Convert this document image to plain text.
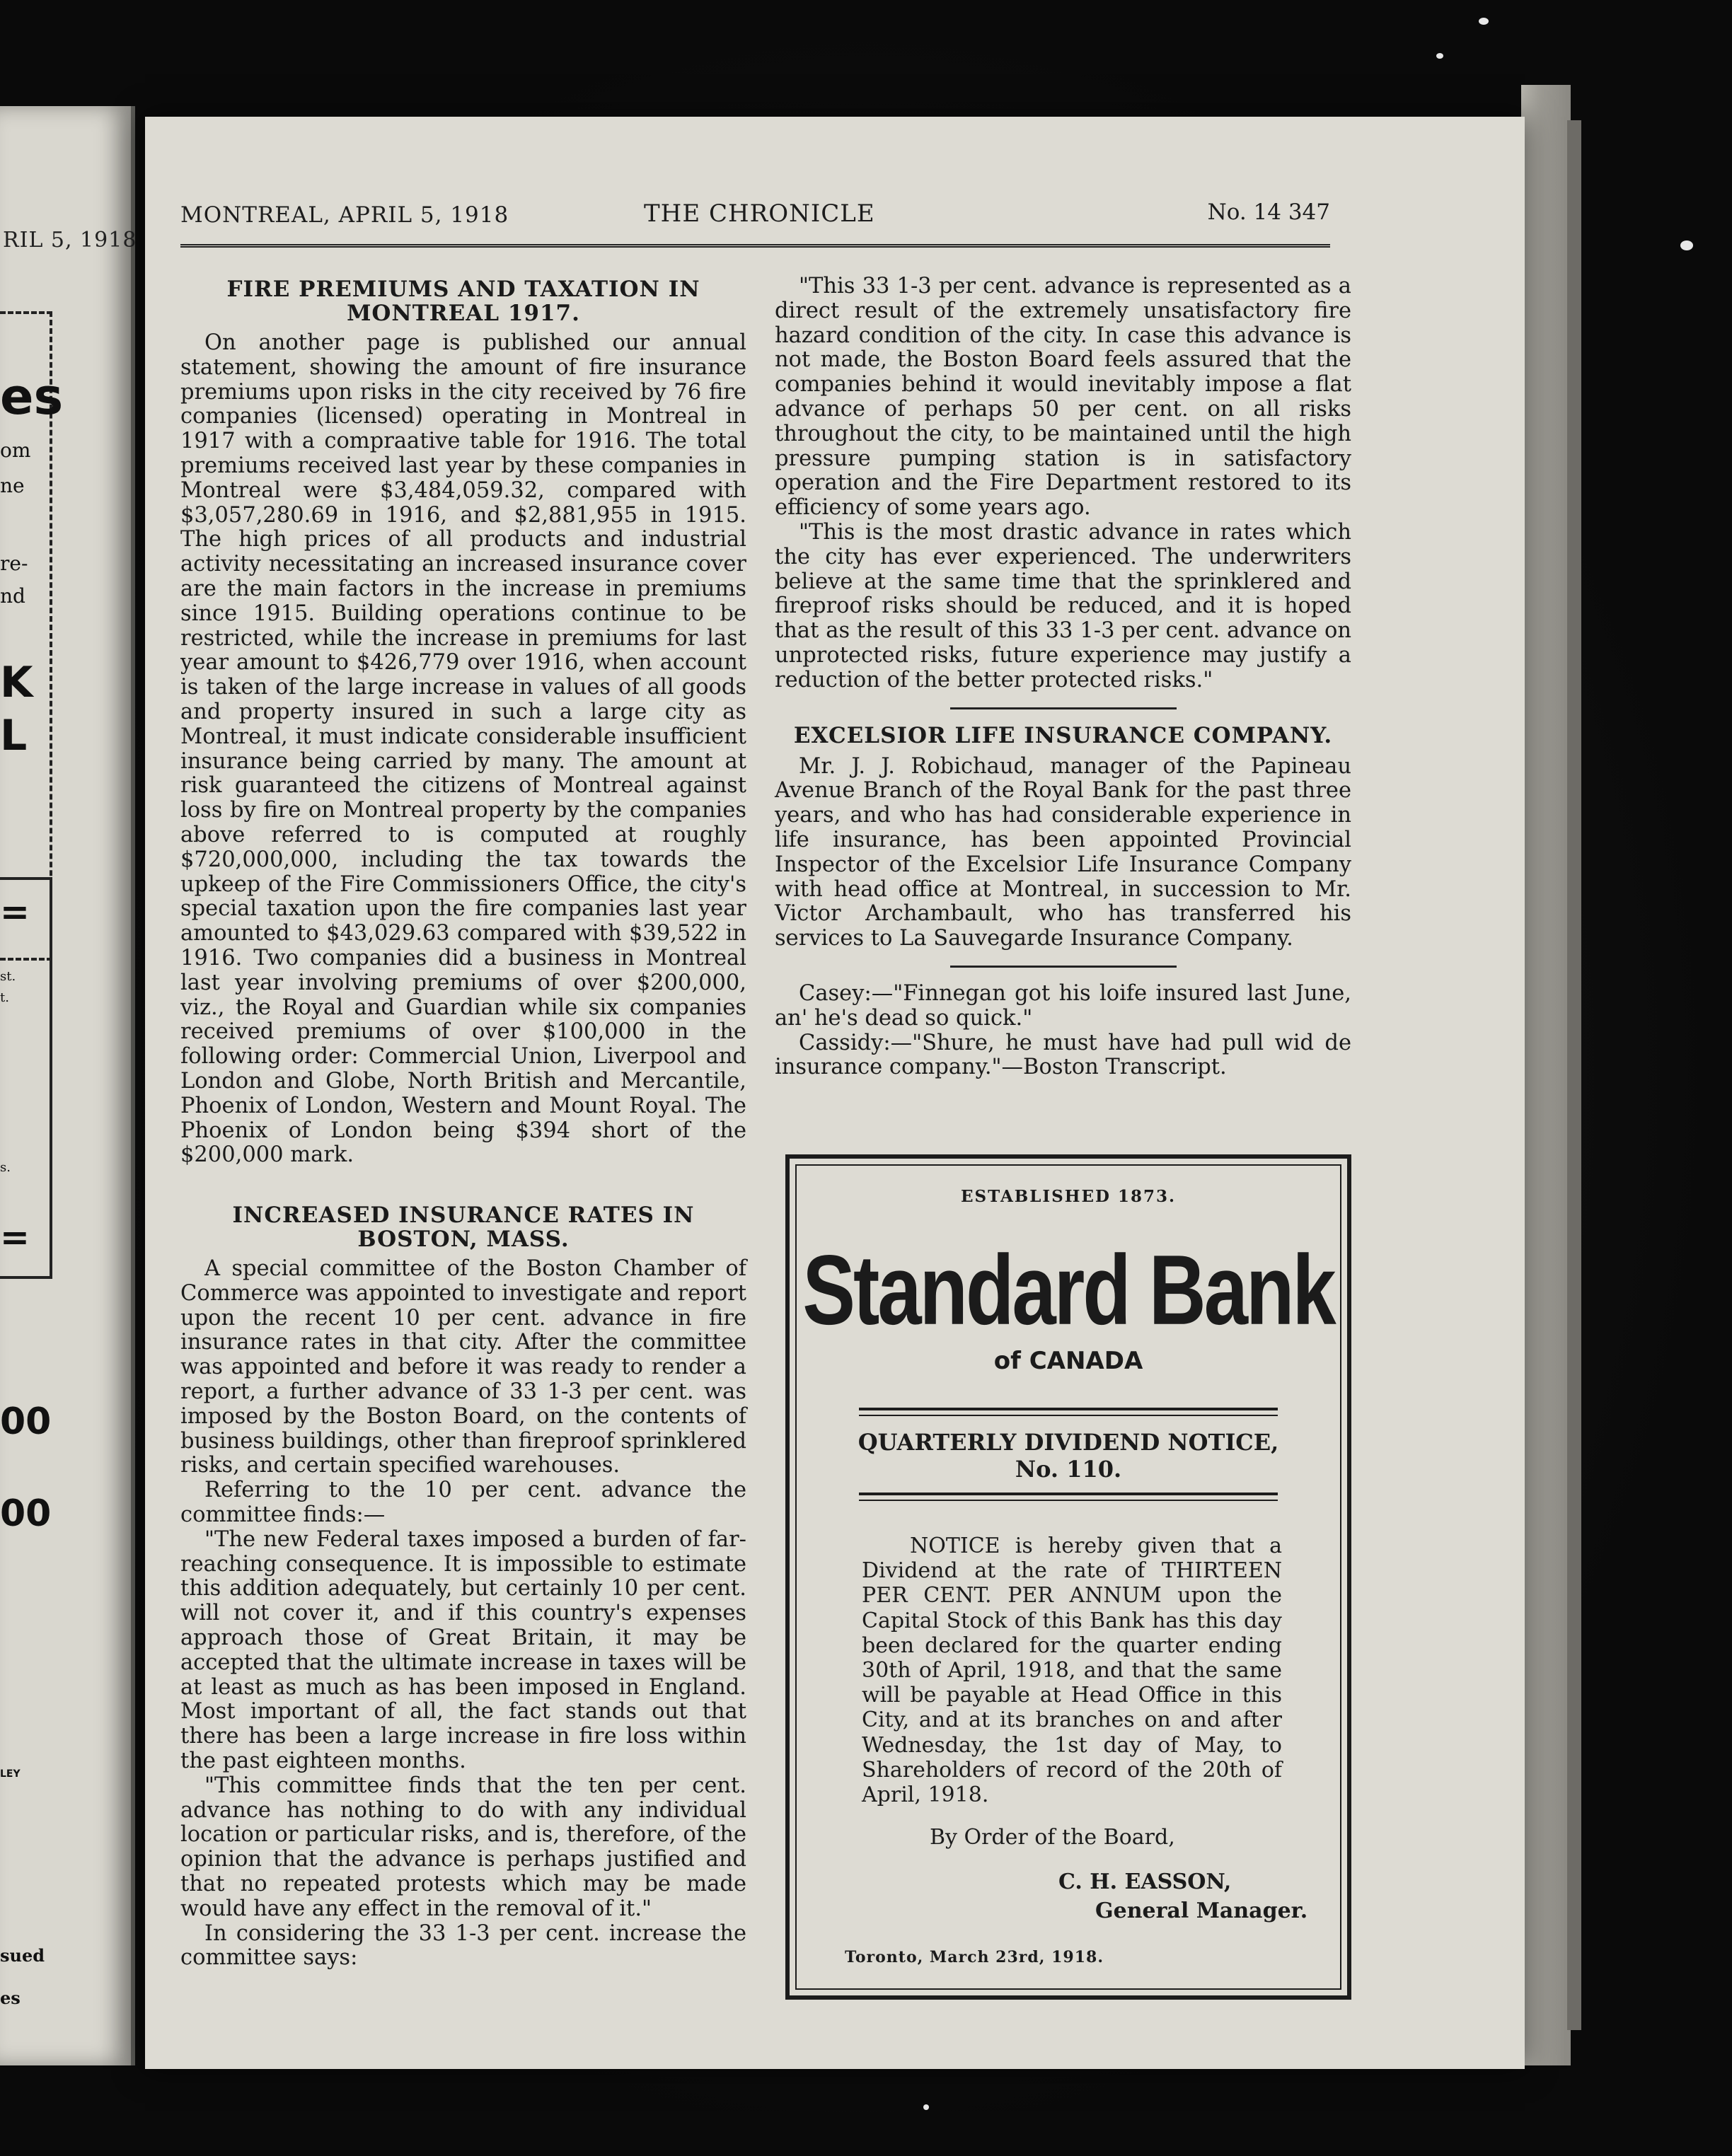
RIL 5, 1918
es
om
ne
re-
nd
K
L
=
st.
t.
s.
=
00
00
LEY
sued
es
MONTREAL, APRIL 5, 1918	THE CHRONICLE	No. 14 347
FIRE PREMIUMS AND TAXATION IN
MONTREAL 1917.

On another page is published our annual statement, showing the amount of fire insurance premiums upon risks in the city received by 76 fire companies (licensed) operating in Montreal in 1917 with a compraative table for 1916. The total premiums received last year by these companies in Montreal were $3,484,059.32, compared with $3,057,280.69 in 1916, and $2,881,955 in 1915. The high prices of all products and industrial activity necessitating an increased insurance cover are the main factors in the increase in premiums since 1915. Building operations continue to be restricted, while the increase in premiums for last year amount to $426,779 over 1916, when account is taken of the large increase in values of all goods and property insured in such a large city as Montreal, it must indicate considerable insufficient insurance being carried by many. The amount at risk guaranteed the citizens of Montreal against loss by fire on Montreal property by the companies above referred to is computed at roughly $720,000,000, including the tax towards the upkeep of the Fire Commissioners Office, the city's special taxation upon the fire companies last year amounted to $43,029.63 compared with $39,522 in 1916. Two companies did a business in Montreal last year involving premiums of over $200,000, viz., the Royal and Guardian while six companies received premiums of over $100,000 in the following order: Commercial Union, Liverpool and London and Globe, North British and Mercantile, Phoenix of London, Western and Mount Royal. The Phoenix of London being $394 short of the $200,000 mark.

INCREASED INSURANCE RATES IN
BOSTON, MASS.

A special committee of the Boston Chamber of Commerce was appointed to investigate and report upon the recent 10 per cent. advance in fire insurance rates in that city. After the committee was appointed and before it was ready to render a report, a further advance of 33 1-3 per cent. was imposed by the Boston Board, on the contents of business buildings, other than fireproof sprinklered risks, and certain specified warehouses.

Referring to the 10 per cent. advance the committee finds:—

"The new Federal taxes imposed a burden of far-reaching consequence. It is impossible to estimate this addition adequately, but certainly 10 per cent. will not cover it, and if this country's expenses approach those of Great Britain, it may be accepted that the ultimate increase in taxes will be at least as much as has been imposed in England. Most important of all, the fact stands out that there has been a large increase in fire loss within the past eighteen months.

"This committee finds that the ten per cent. advance has nothing to do with any individual location or particular risks, and is, therefore, of the opinion that the advance is perhaps justified and that no repeated protests which may be made would have any effect in the removal of it."

In considering the 33 1-3 per cent. increase the committee says:

"This 33 1-3 per cent. advance is represented as a direct result of the extremely unsatisfactory fire hazard condition of the city. In case this advance is not made, the Boston Board feels assured that the companies behind it would inevitably impose a flat advance of perhaps 50 per cent. on all risks throughout the city, to be maintained until the high pressure pumping station is in satisfactory operation and the Fire Department restored to its efficiency of some years ago.

"This is the most drastic advance in rates which the city has ever experienced. The underwriters believe at the same time that the sprinklered and fireproof risks should be reduced, and it is hoped that as the result of this 33 1-3 per cent. advance on unprotected risks, future experience may justify a reduction of the better protected risks."

EXCELSIOR LIFE INSURANCE COMPANY.

Mr. J. J. Robichaud, manager of the Papineau Avenue Branch of the Royal Bank for the past three years, and who has had considerable experience in life insurance, has been appointed Provincial Inspector of the Excelsior Life Insurance Company with head office at Montreal, in succession to Mr. Victor Archambault, who has transferred his services to La Sauvegarde Insurance Company.

Casey:—"Finnegan got his loife insured last June, an' he's dead so quick."

Cassidy:—"Shure, he must have had pull wid de insurance company."—Boston Transcript.

ESTABLISHED 1873.
Standard Bank
of CANADA
QUARTERLY DIVIDEND NOTICE,
No. 110.

NOTICE is hereby given that a Dividend at the rate of THIRTEEN PER CENT. PER ANNUM upon the Capital Stock of this Bank has this day been declared for the quarter ending 30th of April, 1918, and that the same will be payable at Head Office in this City, and at its branches on and after Wednesday, the 1st day of May, to Shareholders of record of the 20th of April, 1918.

By Order of the Board,
C. H. EASSON,
General Manager.
Toronto, March 23rd, 1918.
